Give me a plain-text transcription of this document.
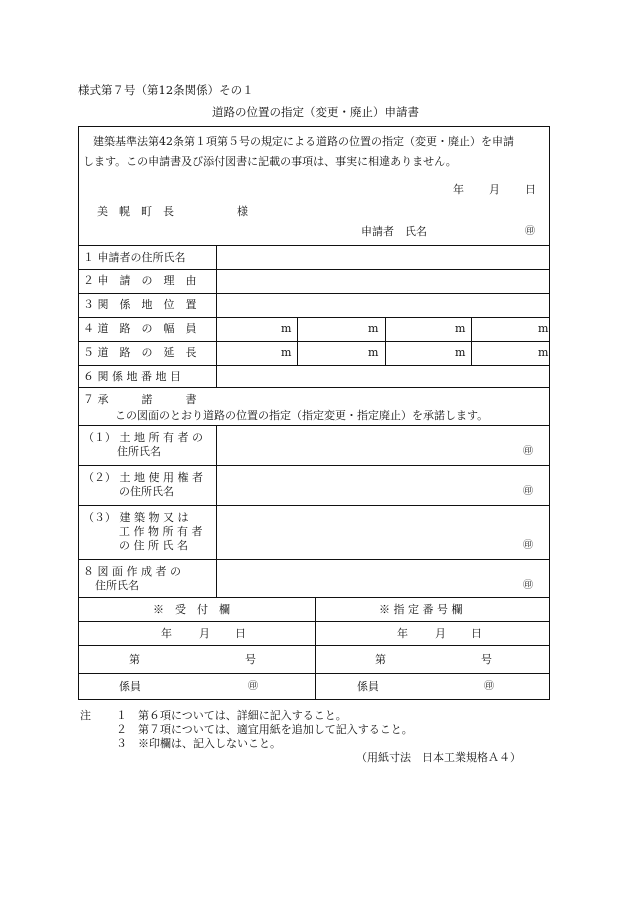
様式第７号（第12条関係）その１
道路の位置の指定（変更・廃止）申請書
建築基準法第42条第１項第５号の規定による道路の位置の指定（変更・廃止）を申請
します。この申請書及び添付図書に記載の事項は、事実に相違ありません。
年 月 日
美　幌　町　長	様
申請者　氏名	㊞
１ 申請者の住所氏名
２ 申　請　の　理　由
３ 関　係　地　位　置
４ 道　路　の　幅　員	m	m	m	m
５ 道　路　の　延　長	m	m	m	m
６ 関 係 地 番 地 目
７ 承　　　諾　　　書
この図面のとおり道路の位置の指定（指定変更・指定廃止）を承諾します。
（１） 土 地 所 有 者 の
住所氏名	㊞
（２） 土 地 使 用 権 者
の住所氏名	㊞
（３） 建 築 物 又 は
工 作 物 所 有 者
の 住 所 氏 名	㊞
８ 図 面 作 成 者 の
住所氏名	㊞
※　受　付　欄	※ 指 定 番 号 欄
年 月 日	年 月 日
第	号	第	号
係員	㊞	係員	㊞
注 １ 第６項については、詳細に記入すること。
２ 第７項については、適宜用紙を追加して記入すること。
３ ※印欄は、記入しないこと。
（用紙寸法　日本工業規格Ａ４）
